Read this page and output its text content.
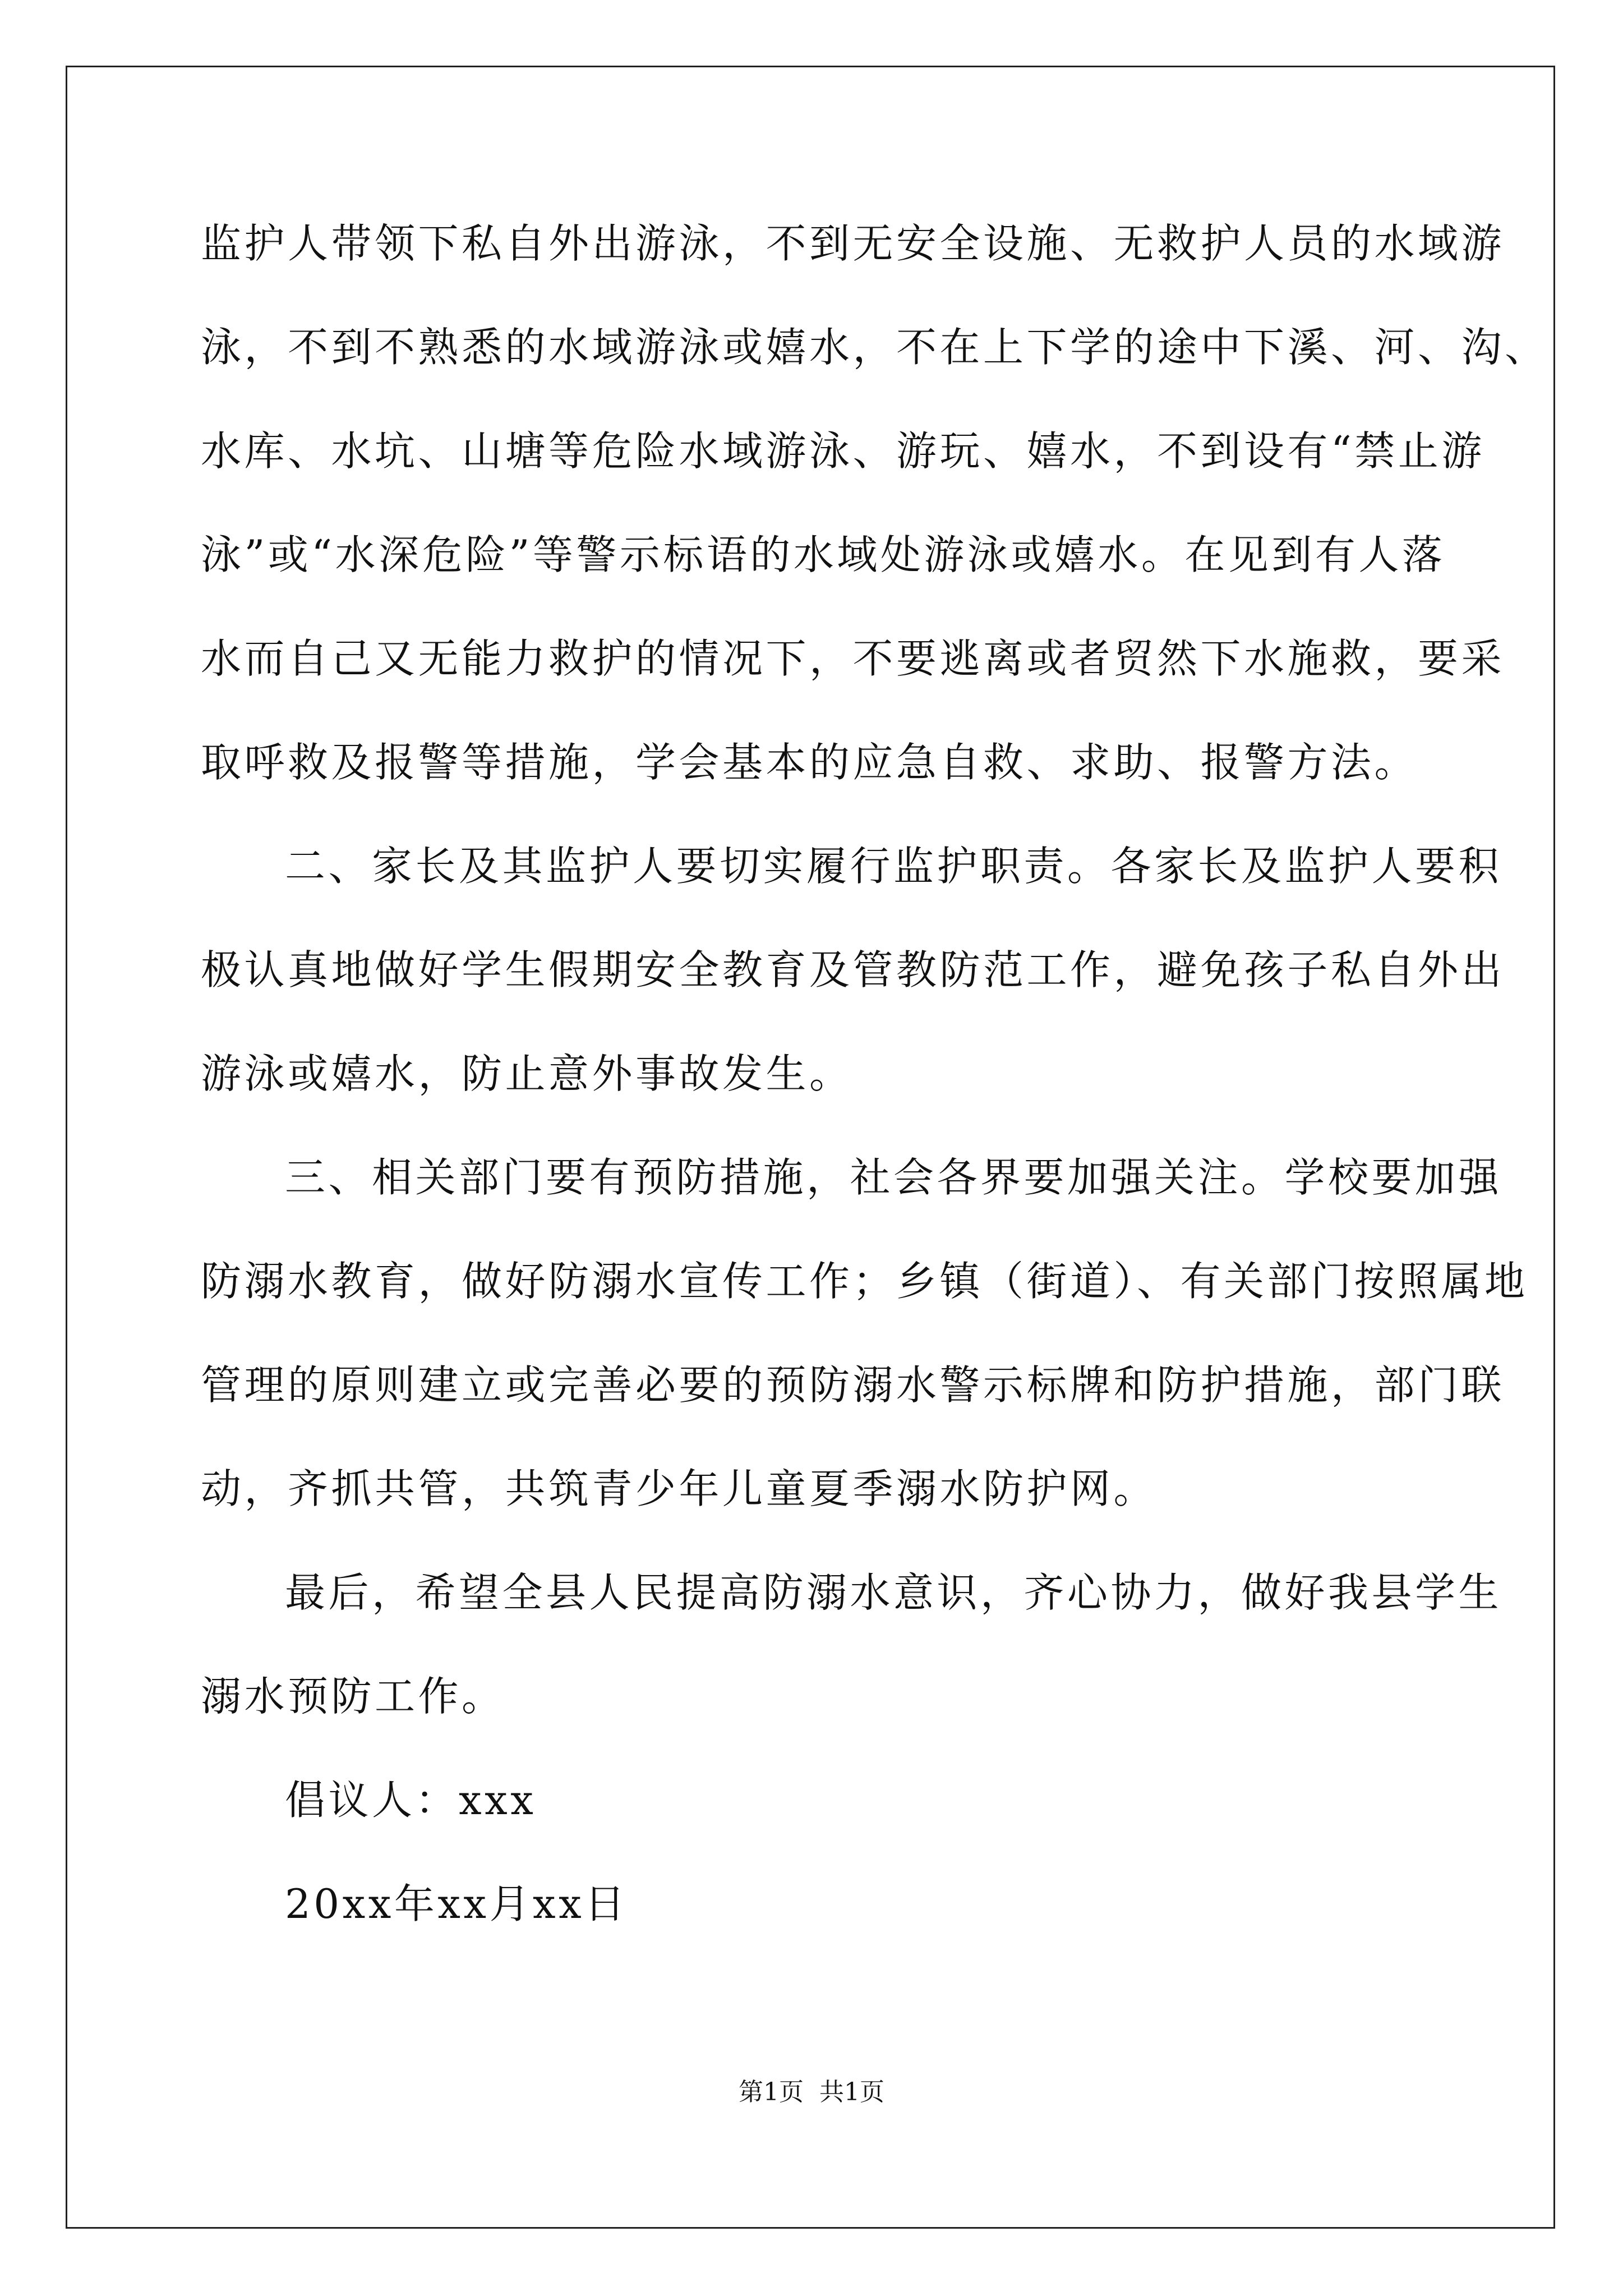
监护人带领下私自外出游泳，不到无安全设施、无救护人员的水域游

泳，不到不熟悉的水域游泳或嬉水，不在上下学的途中下溪、河、沟、

水库、水坑、山塘等危险水域游泳、游玩、嬉水，不到设有“禁止游

泳”或“水深危险”等警示标语的水域处游泳或嬉水。在见到有人落

水而自己又无能力救护的情况下，不要逃离或者贸然下水施救，要采

取呼救及报警等措施，学会基本的应急自救、求助、报警方法。

二、家长及其监护人要切实履行监护职责。各家长及监护人要积

极认真地做好学生假期安全教育及管教防范工作，避免孩子私自外出

游泳或嬉水，防止意外事故发生。

三、相关部门要有预防措施，社会各界要加强关注。学校要加强

防溺水教育，做好防溺水宣传工作；乡镇（街道）、有关部门按照属地

管理的原则建立或完善必要的预防溺水警示标牌和防护措施，部门联

动，齐抓共管，共筑青少年儿童夏季溺水防护网。

最后，希望全县人民提高防溺水意识，齐心协力，做好我县学生

溺水预防工作。

倡议人：xxx

20xx年xx月xx日

第1页  共1页
